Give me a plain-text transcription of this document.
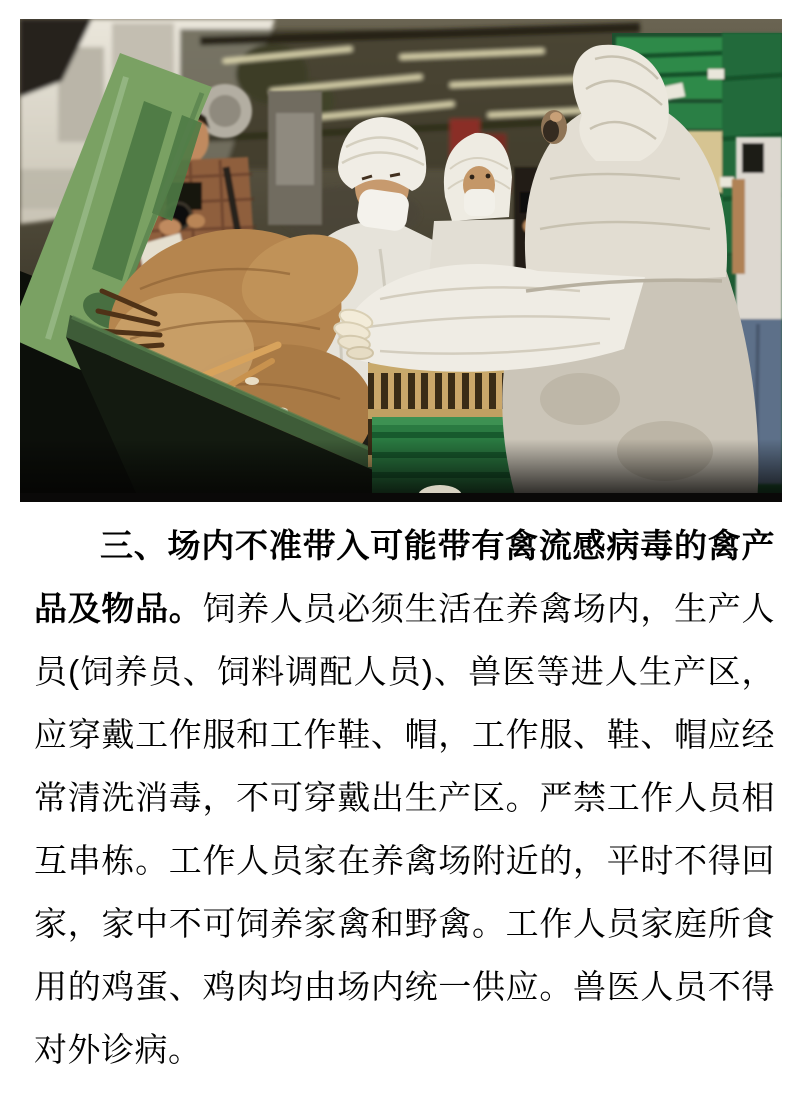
三、场内不准带入可能带有禽流感病毒的禽产品及物品。饲养人员必须生活在养禽场内，生产人员(饲养员、饲料调配人员)、兽医等进人生产区，应穿戴工作服和工作鞋、帽，工作服、鞋、帽应经常清洗消毒，不可穿戴出生产区。严禁工作人员相互串栋。工作人员家在养禽场附近的，平时不得回家，家中不可饲养家禽和野禽。工作人员家庭所食用的鸡蛋、鸡肉均由场内统一供应。兽医人员不得对外诊病。
